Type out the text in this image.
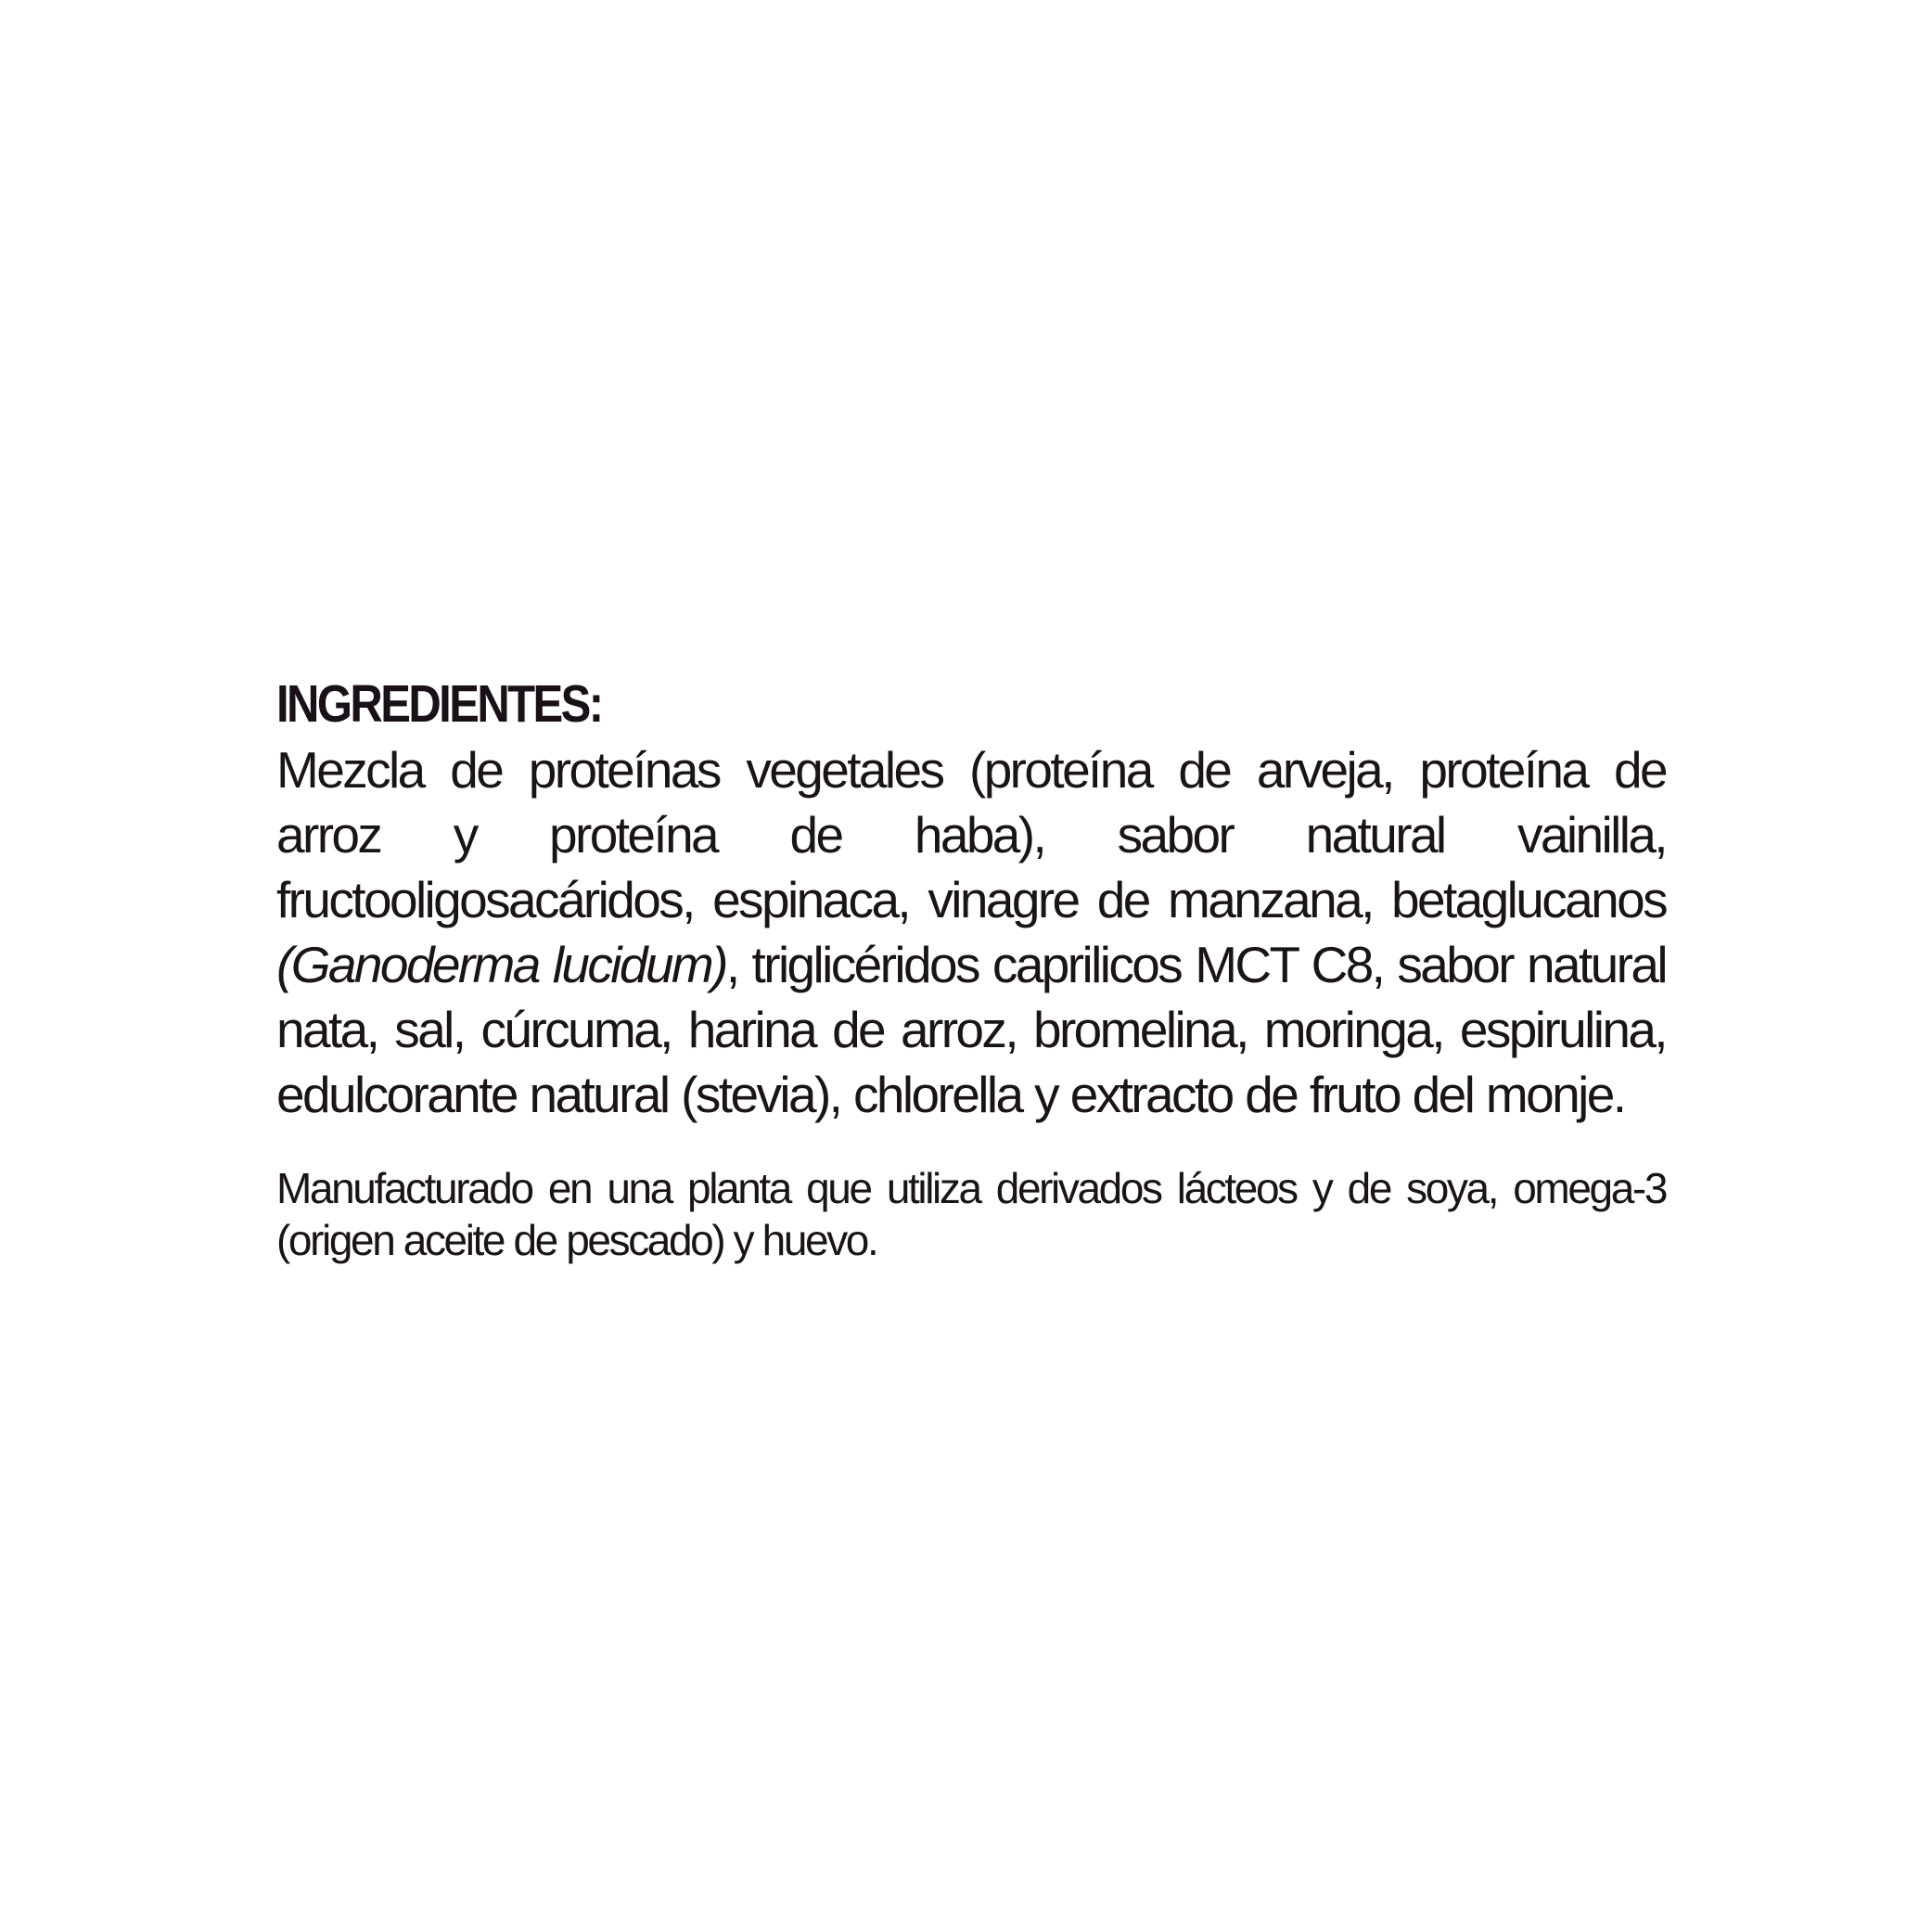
INGREDIENTES:

Mezcla de proteínas vegetales (proteína de arveja, proteína de arroz y proteína de haba), sabor natural vainilla, fructooligosacáridos, espinaca, vinagre de manzana, betaglucanos (Ganoderma lucidum), triglicéridos caprilicos MCT C8, sabor natural nata, sal, cúrcuma, harina de arroz, bromelina, moringa, espirulina, edulcorante natural (stevia), chlorella y extracto de fruto del monje.

Manufacturado en una planta que utiliza derivados lácteos y de soya, omega-3 (origen aceite de pescado) y huevo.
